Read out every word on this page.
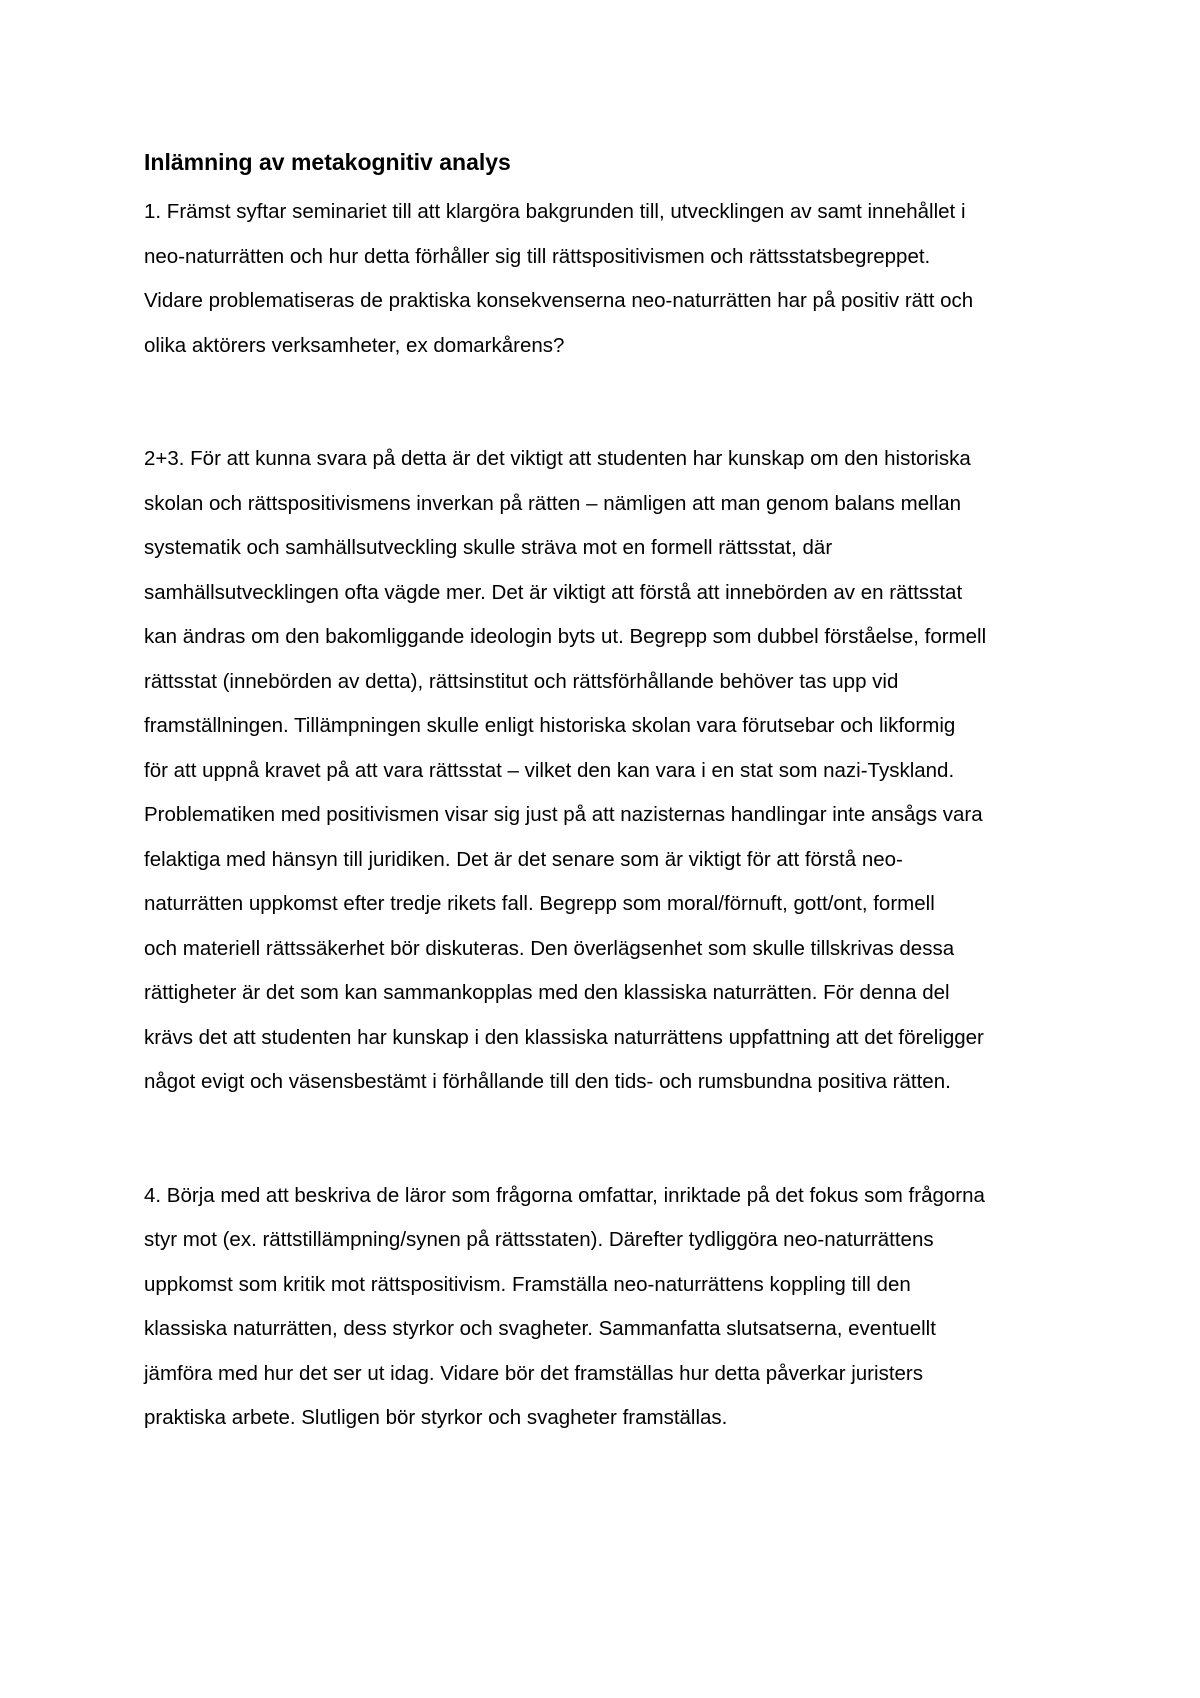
Inlämning av metakognitiv analys

1. Främst syftar seminariet till att klargöra bakgrunden till, utvecklingen av samt innehållet i
neo-naturrätten och hur detta förhåller sig till rättspositivismen och rättsstatsbegreppet.
Vidare problematiseras de praktiska konsekvenserna neo-naturrätten har på positiv rätt och
olika aktörers verksamheter, ex domarkårens?

2+3. För att kunna svara på detta är det viktigt att studenten har kunskap om den historiska
skolan och rättspositivismens inverkan på rätten – nämligen att man genom balans mellan
systematik och samhällsutveckling skulle sträva mot en formell rättsstat, där
samhällsutvecklingen ofta vägde mer. Det är viktigt att förstå att innebörden av en rättsstat
kan ändras om den bakomliggande ideologin byts ut. Begrepp som dubbel förståelse, formell
rättsstat (innebörden av detta), rättsinstitut och rättsförhållande behöver tas upp vid
framställningen. Tillämpningen skulle enligt historiska skolan vara förutsebar och likformig
för att uppnå kravet på att vara rättsstat – vilket den kan vara i en stat som nazi-Tyskland.
Problematiken med positivismen visar sig just på att nazisternas handlingar inte ansågs vara
felaktiga med hänsyn till juridiken. Det är det senare som är viktigt för att förstå neo-
naturrätten uppkomst efter tredje rikets fall. Begrepp som moral/förnuft, gott/ont, formell
och materiell rättssäkerhet bör diskuteras. Den överlägsenhet som skulle tillskrivas dessa
rättigheter är det som kan sammankopplas med den klassiska naturrätten. För denna del
krävs det att studenten har kunskap i den klassiska naturrättens uppfattning att det föreligger
något evigt och väsensbestämt i förhållande till den tids- och rumsbundna positiva rätten.

4. Börja med att beskriva de läror som frågorna omfattar, inriktade på det fokus som frågorna
styr mot (ex. rättstillämpning/synen på rättsstaten). Därefter tydliggöra neo-naturrättens
uppkomst som kritik mot rättspositivism. Framställa neo-naturrättens koppling till den
klassiska naturrätten, dess styrkor och svagheter. Sammanfatta slutsatserna, eventuellt
jämföra med hur det ser ut idag. Vidare bör det framställas hur detta påverkar juristers
praktiska arbete. Slutligen bör styrkor och svagheter framställas.
